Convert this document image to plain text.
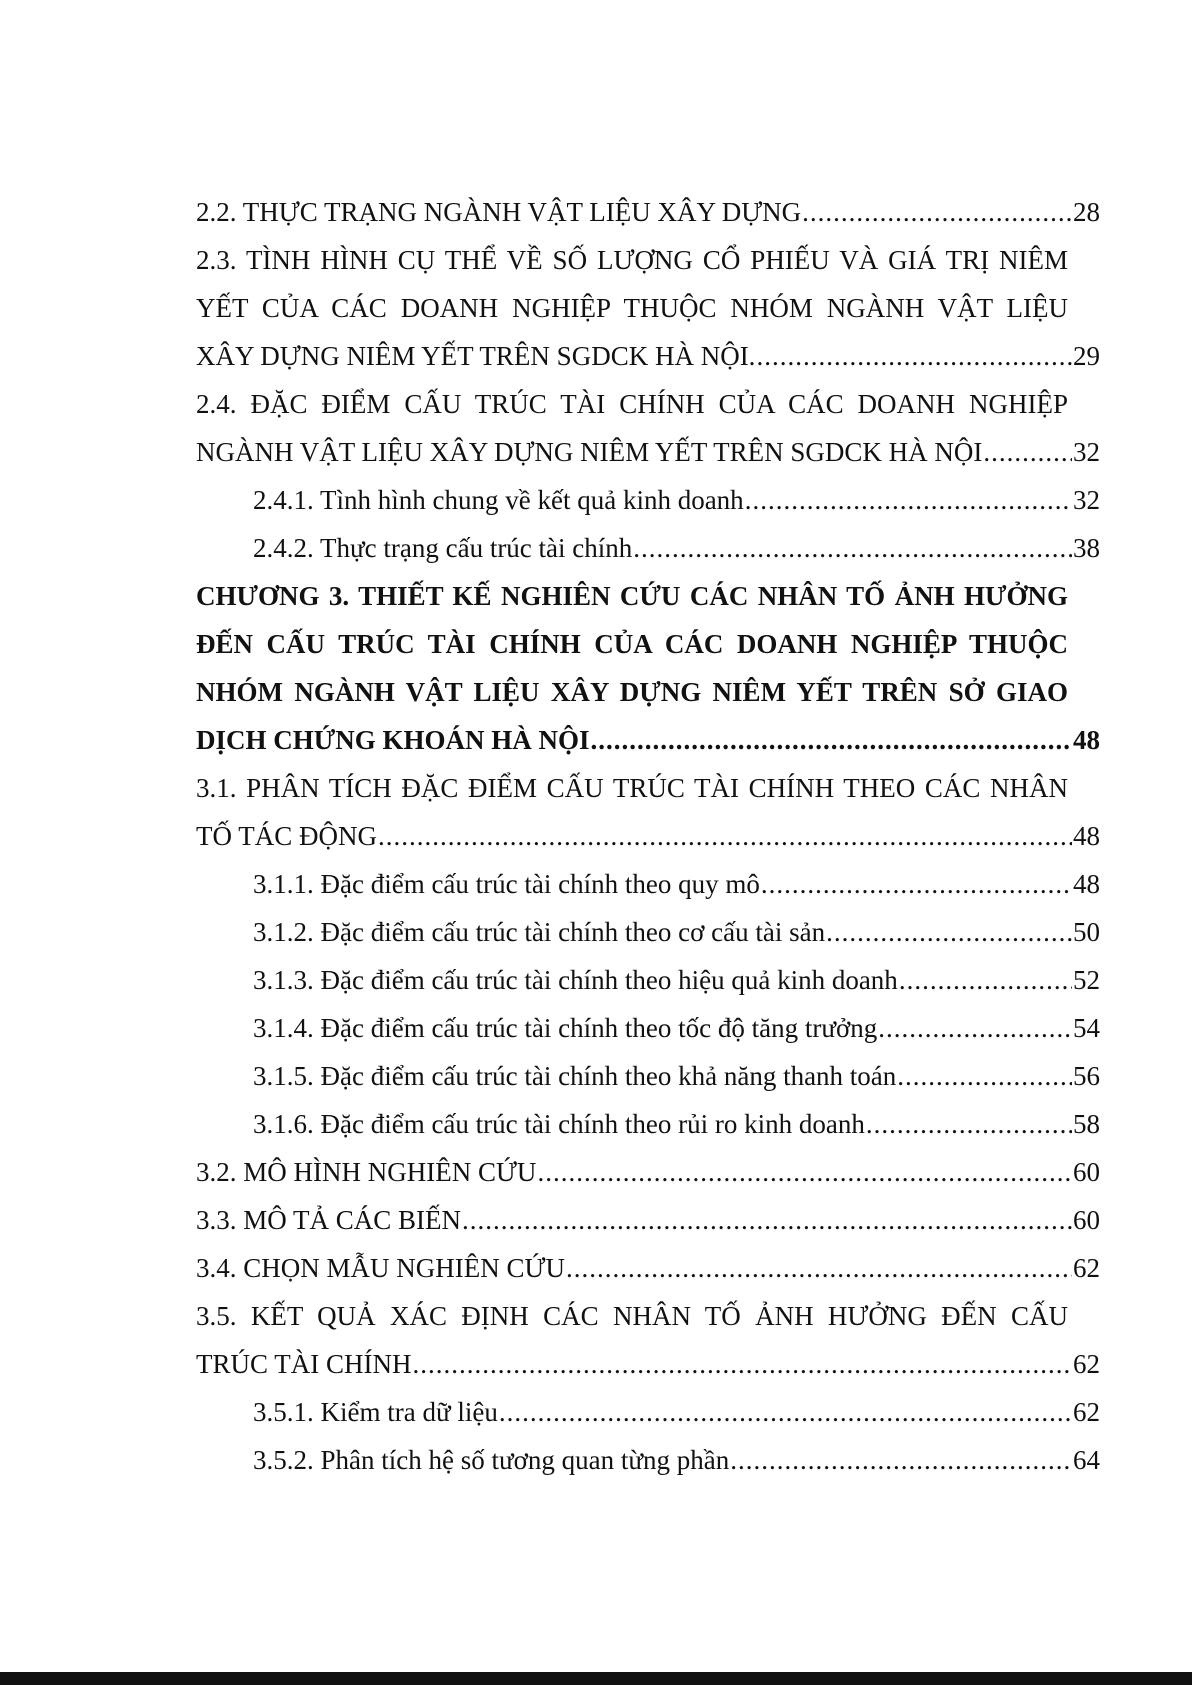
2.2. THỰC TRẠNG NGÀNH VẬT LIỆU XÂY DỰNG .....	28
2.3. TÌNH HÌNH CỤ THỂ VỀ SỐ LƯỢNG CỔ PHIẾU VÀ GIÁ TRỊ NIÊM
YẾT CỦA CÁC DOANH NGHIỆP THUỘC NHÓM NGÀNH VẬT LIỆU
XÂY DỰNG NIÊM YẾT TRÊN SGDCK HÀ NỘI. .....	29
2.4. ĐẶC ĐIỂM CẤU TRÚC TÀI CHÍNH CỦA CÁC DOANH NGHIỆP
NGÀNH VẬT LIỆU XÂY DỰNG NIÊM YẾT TRÊN SGDCK HÀ NỘI .....	32
2.4.1. Tình hình chung về kết quả kinh doanh .....	32
2.4.2. Thực trạng cấu trúc tài chính .....	38
CHƯƠNG 3. THIẾT KẾ NGHIÊN CỨU CÁC NHÂN TỐ ẢNH HƯỞNG
ĐẾN CẤU TRÚC TÀI CHÍNH CỦA CÁC DOANH NGHIỆP THUỘC
NHÓM NGÀNH VẬT LIỆU XÂY DỰNG NIÊM YẾT TRÊN SỞ GIAO
DỊCH CHỨNG KHOÁN HÀ NỘI .....	48
3.1. PHÂN TÍCH ĐẶC ĐIỂM CẤU TRÚC TÀI CHÍNH THEO CÁC NHÂN
TỐ TÁC ĐỘNG .....	48
3.1.1. Đặc điểm cấu trúc tài chính theo quy mô .....	48
3.1.2. Đặc điểm cấu trúc tài chính theo cơ cấu tài sản .....	50
3.1.3. Đặc điểm cấu trúc tài chính theo hiệu quả kinh doanh .....	52
3.1.4. Đặc điểm cấu trúc tài chính theo tốc độ tăng trưởng .....	54
3.1.5. Đặc điểm cấu trúc tài chính theo khả năng thanh toán .....	56
3.1.6. Đặc điểm cấu trúc tài chính theo rủi ro kinh doanh .....	58
3.2. MÔ HÌNH NGHIÊN CỨU .....	60
3.3. MÔ TẢ CÁC BIẾN .....	60
3.4. CHỌN MẪU NGHIÊN CỨU .....	62
3.5. KẾT QUẢ XÁC ĐỊNH CÁC NHÂN TỐ ẢNH HƯỞNG ĐẾN CẤU
TRÚC TÀI CHÍNH .....	62
3.5.1. Kiểm tra dữ liệu .....	62
3.5.2. Phân tích hệ số tương quan từng phần .....	64
